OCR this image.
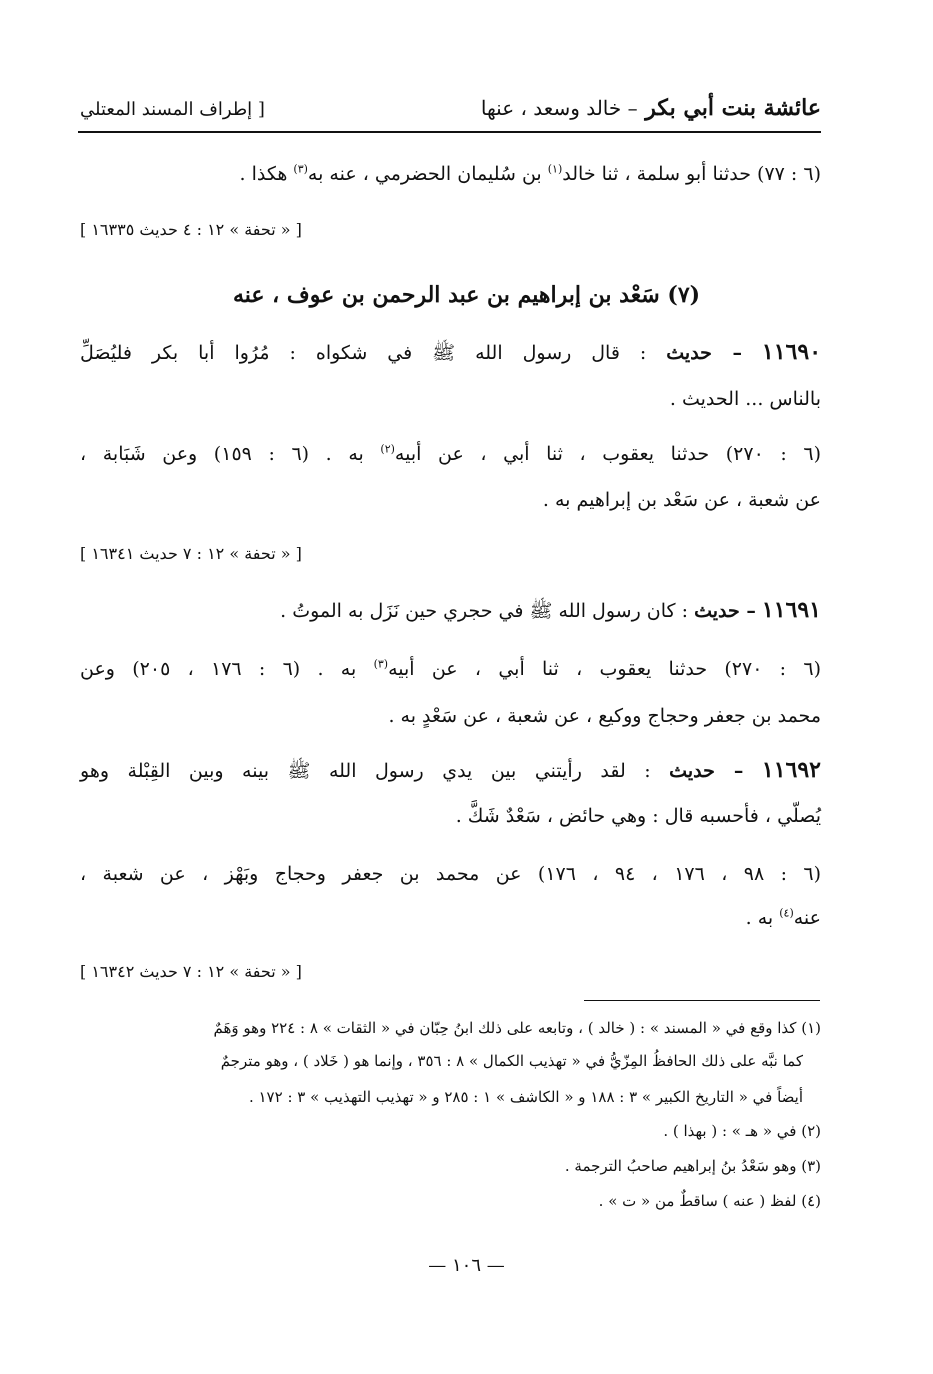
عائشة بنت أبي بكر – خالد وسعد ، عنها
[ إطراف المسند المعتلي
(٦ : ٧٧) حدثنا أبو سلمة ، ثنا خالد$^{(١)}$ بن سُليمان الحضرمي ، عنه به$^{(٣)}$ هكذا .
[ « تحفة » ١٢ : ٤ حديث ١٦٣٣٥ ]
(٧) سَعْد بن إبراهيم بن عبد الرحمن بن عوف ، عنه
١١٦٩٠ – حديث : قال رسول الله ﷺ في شكواه : مُرُوا أبا بكر فليُصَلِّ
بالناس ... الحديث .
(٦ : ٢٧٠) حدثنا يعقوب ، ثنا أبي ، عن أبيه$^{(٢)}$ به . (٦ : ١٥٩) وعن شَبَابة ،
عن شعبة ، عن سَعْد بن إبراهيم به .
[ « تحفة » ١٢ : ٧ حديث ١٦٣٤١ ]
١١٦٩١ – حديث : كان رسول الله ﷺ في حجري حين نَزَل به الموتُ .
(٦ : ٢٧٠) حدثنا يعقوب ، ثنا أبي ، عن أبيه$^{(٣)}$ به . (٦ : ١٧٦ ، ٢٠٥) وعن
محمد بن جعفر وحجاج ووكيع ، عن شعبة ، عن سَعْدٍ به .
١١٦٩٢ – حديث : لقد رأيتني بين يدي رسول الله ﷺ بينه وبين القِبْلة وهو
يُصلّي ، فأحسبه قال : وهي حائض ، سَعْدٌ شَكَّ .
(٦ : ٩٨ ، ١٧٦ ، ٩٤ ، ١٧٦) عن محمد بن جعفر وحجاج وبَهْز ، عن شعبة ،
عنه$^{(٤)}$ به .
[ « تحفة » ١٢ : ٧ حديث ١٦٣٤٢ ]
(١) كذا وقع في « المسند » : ( خالد ) ، وتابعه على ذلك ابنُ حِبّان في « الثقات » ٨ : ٢٢٤ وهو وَهَمٌ
كما نبَّه على ذلك الحافظُ المِزّيُّ في « تهذيب الكمال » ٨ : ٣٥٦ ، وإنما هو ( خَلاد ) ، وهو مترجمٌ
أيضاً في « التاريخ الكبير » ٣ : ١٨٨ و « الكاشف » ١ : ٢٨٥ و « تهذيب التهذيب » ٣ : ١٧٢ .
(٢) في « هـ » : ( بهذا ) .
(٣) وهو سَعْدُ بنُ إبراهيم صاحبُ الترجمة .
(٤) لفظ ( عنه ) ساقطٌ من « ت » .
— ١٠٦ —
